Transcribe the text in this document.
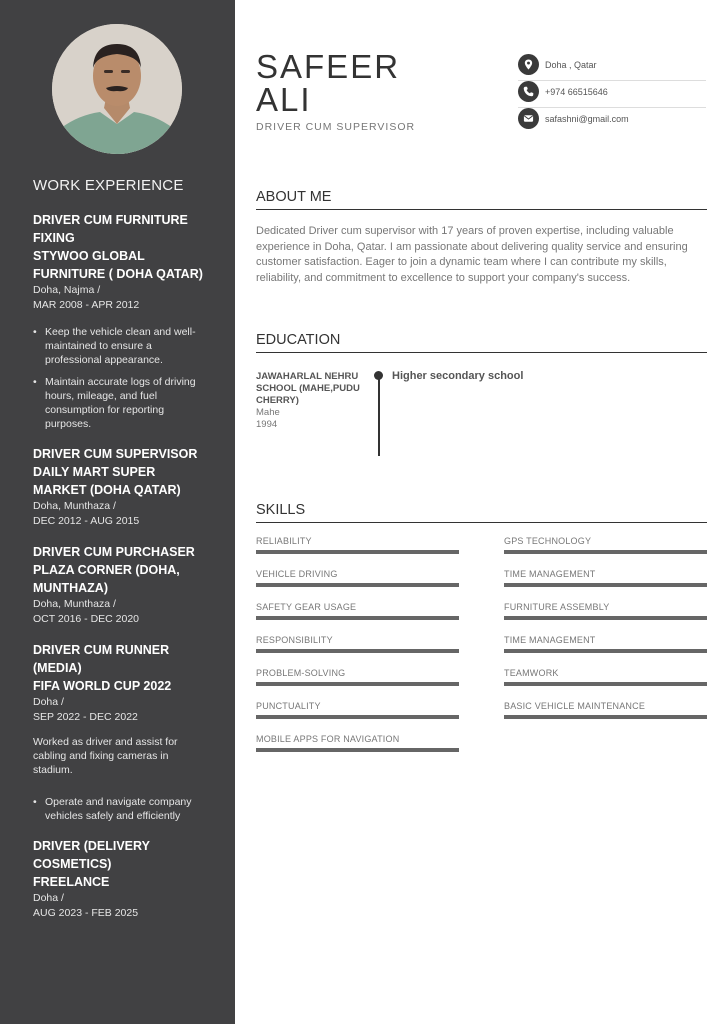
WORK EXPERIENCE
DRIVER CUM FURNITURE FIXING
STYWOO GLOBAL FURNITURE ( DOHA QATAR)
Doha, Najma /
MAR 2008 - APR 2012
• Keep the vehicle clean and well-maintained to ensure a professional appearance.
• Maintain accurate logs of driving hours, mileage, and fuel consumption for reporting purposes.
DRIVER CUM SUPERVISOR
DAILY MART SUPER MARKET (DOHA QATAR)
Doha, Munthaza /
DEC 2012 - AUG 2015
DRIVER CUM PURCHASER
PLAZA CORNER (DOHA, MUNTHAZA)
Doha, Munthaza /
OCT 2016 - DEC 2020
DRIVER CUM RUNNER (MEDIA)
FIFA WORLD CUP 2022
Doha /
SEP 2022 - DEC 2022
Worked as driver and assist for cabling and fixing cameras in stadium.
• Operate and navigate company vehicles safely and efficiently
DRIVER (DELIVERY COSMETICS)
FREELANCE
Doha /
AUG 2023 - FEB 2025
SAFEER
ALI
DRIVER CUM SUPERVISOR
Doha , Qatar
+974 66515646
safashni@gmail.com
ABOUT ME

Dedicated Driver cum supervisor with 17 years of proven expertise, including valuable experience in Doha, Qatar. I am passionate about delivering quality service and ensuring customer satisfaction. Eager to join a dynamic team where I can contribute my skills, reliability, and commitment to excellence to support your company's success.

EDUCATION
JAWAHARLAL NEHRU SCHOOL (MAHE,PUDUCHERRY)
Mahe
1994
Higher secondary school
SKILLS
RELIABILITY	GPS TECHNOLOGY
VEHICLE DRIVING	TIME MANAGEMENT
SAFETY GEAR USAGE	FURNITURE ASSEMBLY
RESPONSIBILITY	TIME MANAGEMENT
PROBLEM-SOLVING	TEAMWORK
PUNCTUALITY	BASIC VEHICLE MAINTENANCE
MOBILE APPS FOR NAVIGATION
